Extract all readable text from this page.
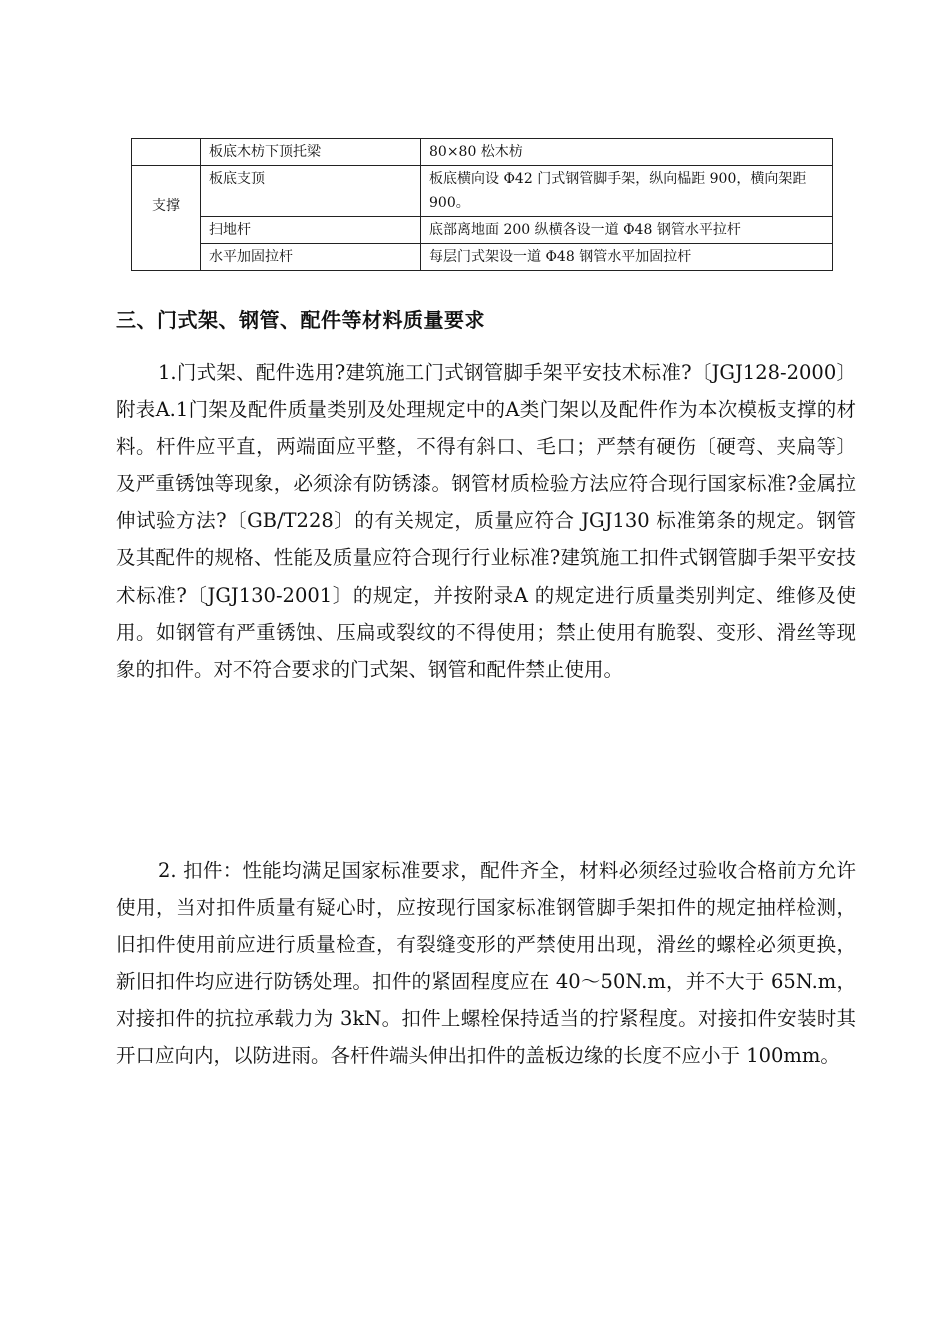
	板底木枋下顶托梁	80×80 松木枋
支撑	板底支顶	板底横向设 Φ42 门式钢管脚手架，纵向榀距 900，横向架距 900。
	扫地杆	底部离地面 200 纵横各设一道 Φ48 钢管水平拉杆
	水平加固拉杆	每层门式架设一道 Φ48 钢管水平加固拉杆
三、门式架、钢管、配件等材料质量要求

1.门式架、配件选用?建筑施工门式钢管脚手架平安技术标准?〔JGJ128-2000〕附表A.1门架及配件质量类别及处理规定中的A类门架以及配件作为本次模板支撑的材料。杆件应平直，两端面应平整，不得有斜口、毛口；严禁有硬伤〔硬弯、夹扁等〕及严重锈蚀等现象，必须涂有防锈漆。钢管材质检验方法应符合现行国家标准?金属拉伸试验方法?〔GB/T228〕的有关规定，质量应符合 JGJ130 标准第条的规定。钢管及其配件的规格、性能及质量应符合现行行业标准?建筑施工扣件式钢管脚手架平安技术标准?〔JGJ130-2001〕的规定，并按附录A 的规定进行质量类别判定、维修及使用。如钢管有严重锈蚀、压扁或裂纹的不得使用；禁止使用有脆裂、变形、滑丝等现象的扣件。对不符合要求的门式架、钢管和配件禁止使用。

2. 扣件：性能均满足国家标准要求，配件齐全，材料必须经过验收合格前方允许使用，当对扣件质量有疑心时，应按现行国家标准钢管脚手架扣件的规定抽样检测，旧扣件使用前应进行质量检查，有裂缝变形的严禁使用出现，滑丝的螺栓必须更换，新旧扣件均应进行防锈处理。扣件的紧固程度应在 40～50N.m，并不大于 65N.m，对接扣件的抗拉承载力为 3kN。扣件上螺栓保持适当的拧紧程度。对接扣件安装时其开口应向内，以防进雨。各杆件端头伸出扣件的盖板边缘的长度不应小于 100mm。
